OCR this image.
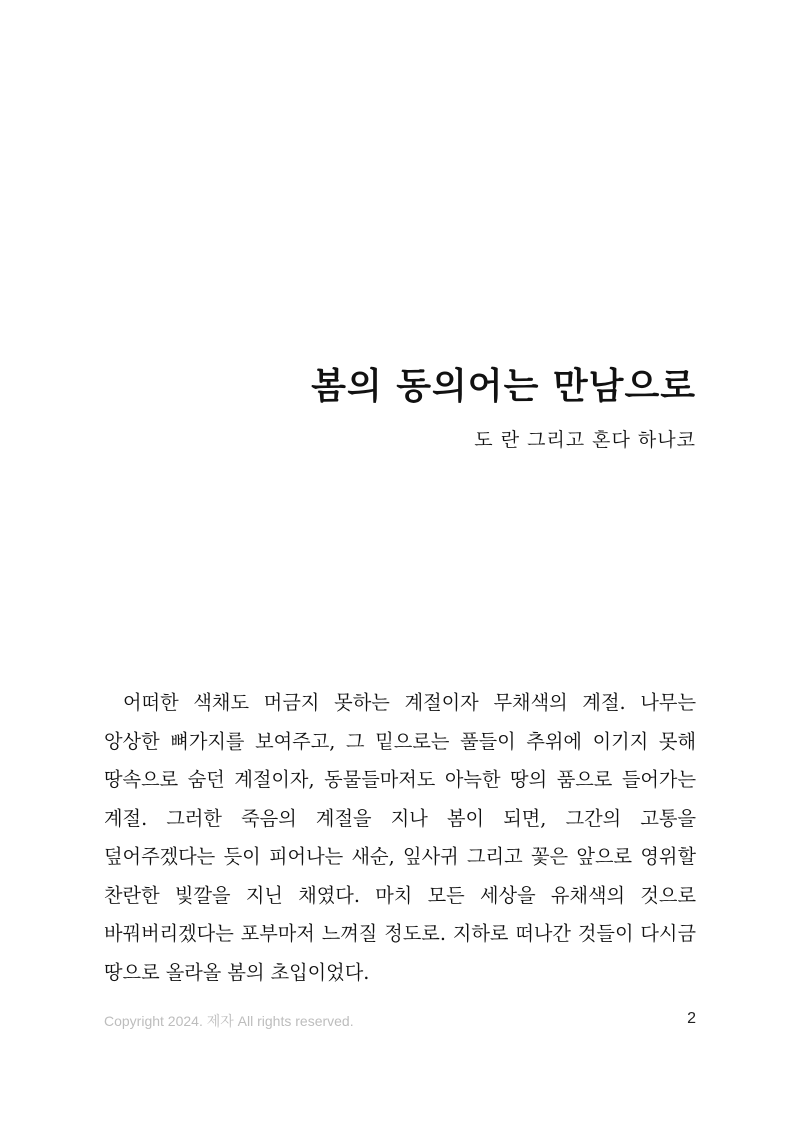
봄의 동의어는 만남으로
도 란 그리고 혼다 하나코

어떠한 색채도 머금지 못하는 계절이자 무채색의 계절. 나무는 앙상한 뼈가지를 보여주고, 그 밑으로는 풀들이 추위에 이기지 못해 땅속으로 숨던 계절이자, 동물들마저도 아늑한 땅의 품으로 들어가는 계절. 그러한 죽음의 계절을 지나 봄이 되면, 그간의 고통을 덮어주겠다는 듯이 피어나는 새순, 잎사귀 그리고 꽃은 앞으로 영위할 찬란한 빛깔을 지닌 채였다. 마치 모든 세상을 유채색의 것으로 바꿔버리겠다는 포부마저 느껴질 정도로. 지하로 떠나간 것들이 다시금 땅으로 올라올 봄의 초입이었다.

Copyright 2024. 제자 All rights reserved.	2
